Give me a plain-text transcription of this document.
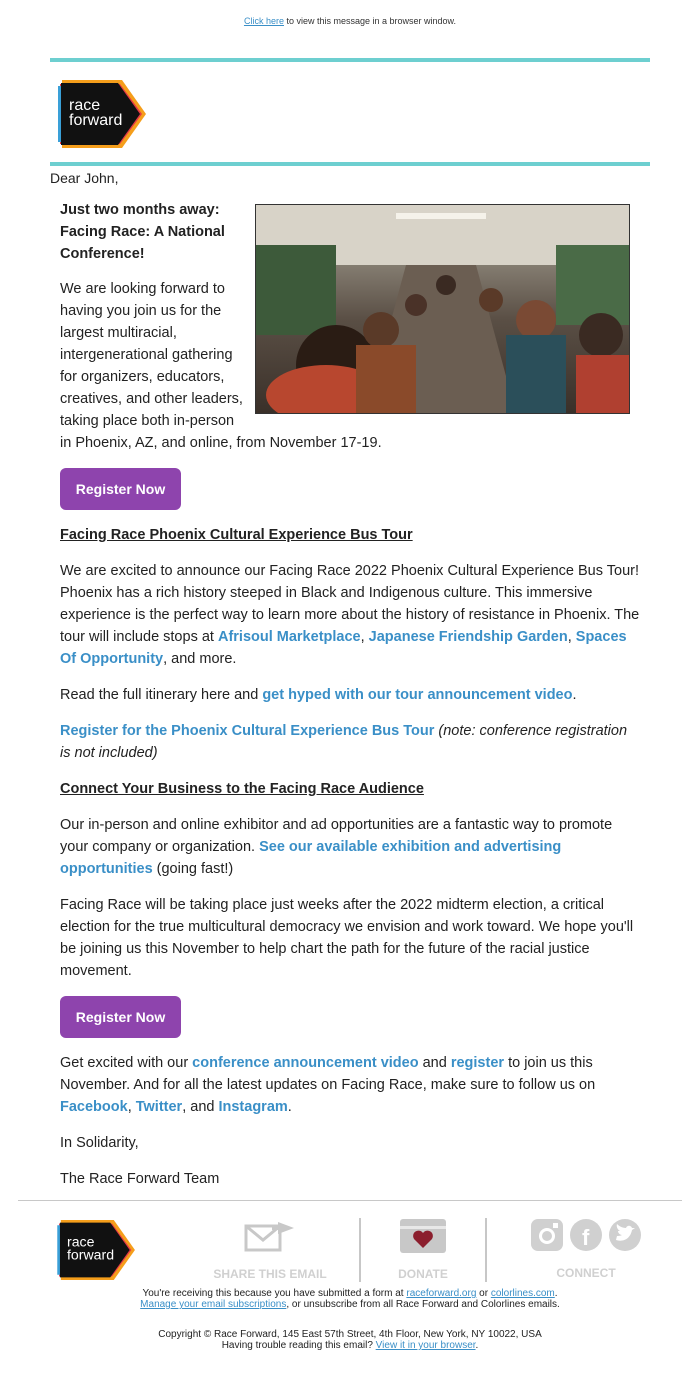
Click here to view this message in a browser window.
race
forward
Dear John,

Just two months away: Facing Race: A National Conference!

We are looking forward to

having you join us for the

largest multiracial,

intergenerational gathering

for organizers, educators,

creatives, and other leaders,

taking place both in-person

in Phoenix, AZ, and online, from November 17-19.

Register Now

Facing Race Phoenix Cultural Experience Bus Tour

We are excited to announce our Facing Race 2022 Phoenix Cultural Experience Bus Tour! Phoenix has a rich history steeped in Black and Indigenous culture. This immersive experience is the perfect way to learn more about the history of resistance in Phoenix. The tour will include stops at Afrisoul Marketplace, Japanese Friendship Garden, Spaces Of Opportunity, and more.

Read the full itinerary here and get hyped with our tour announcement video.

Register for the Phoenix Cultural Experience Bus Tour (note: conference registration is not included)

Connect Your Business to the Facing Race Audience

Our in-person and online exhibitor and ad opportunities are a fantastic way to promote your company or organization. See our available exhibition and advertising opportunities (going fast!)

Facing Race will be taking place just weeks after the 2022 midterm election, a critical election for the true multicultural democracy we envision and work toward. We hope you'll be joining us this November to help chart the path for the future of the racial justice movement.

Register Now

Get excited with our conference announcement video and register to join us this November. And for all the latest updates on Facing Race, make sure to follow us on Facebook, Twitter, and Instagram.

In Solidarity,

The Race Forward Team

race
forward
SHARE THIS EMAIL	DONATE
f
CONNECT
You're receiving this because you have submitted a form at raceforward.org or colorlines.com.
Manage your email subscriptions, or unsubscribe from all Race Forward and Colorlines emails.
Copyright © Race Forward, 145 East 57th Street, 4th Floor, New York, NY 10022, USA
Having trouble reading this email? View it in your browser.
